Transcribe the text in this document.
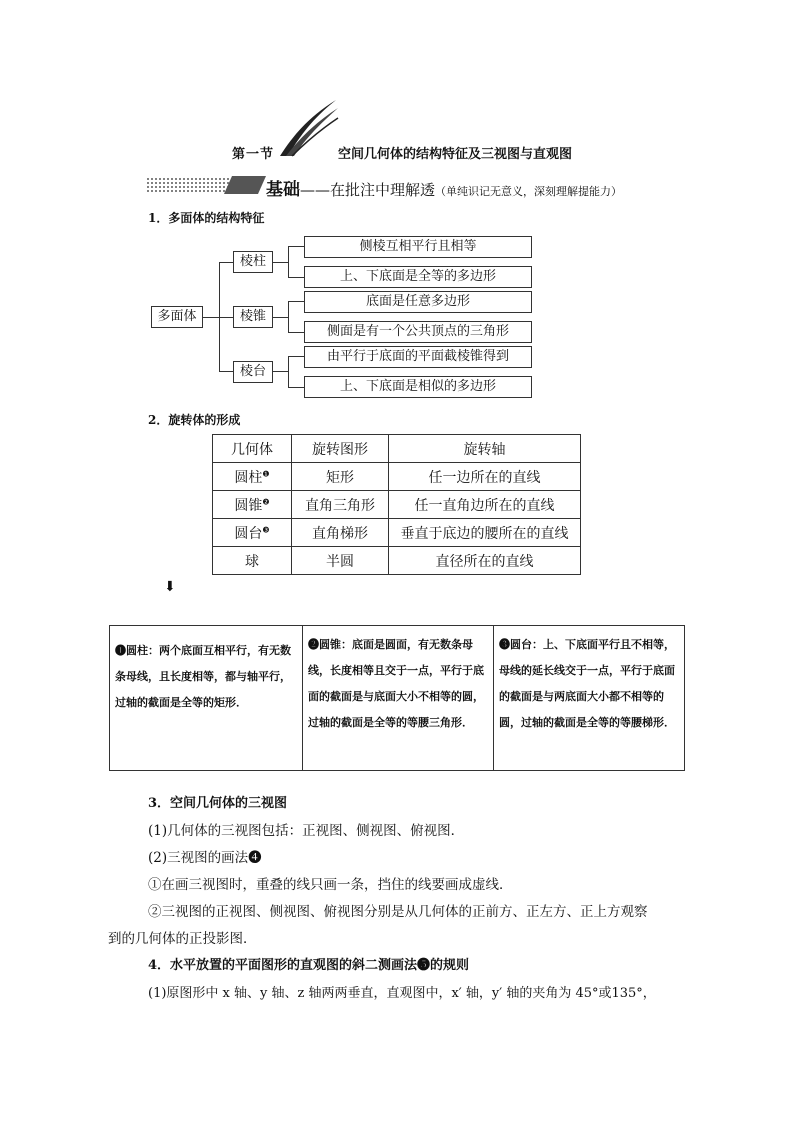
第一节	空间几何体的结构特征及三视图与直观图
基础——在批注中理解透（单纯识记无意义，深刻理解提能力）
1．多面体的结构特征
多面体
棱柱
棱锥
棱台
侧棱互相平行且相等
上、下底面是全等的多边形
底面是任意多边形
侧面是有一个公共顶点的三角形
由平行于底面的平面截棱锥得到
上、下底面是相似的多边形
2．旋转体的形成
几何体	旋转图形	旋转轴
圆柱$^❶$	矩形	任一边所在的直线
圆锥$^❷$	直角三角形	任一直角边所在的直线
圆台$^❸$	直角梯形	垂直于底边的腰所在的直线
球	半圆	直径所在的直线
⬇
❶圆柱：两个底面互相平行，有无数条母线，且长度相等，都与轴平行，过轴的截面是全等的矩形．	❷圆锥：底面是圆面，有无数条母线，长度相等且交于一点，平行于底面的截面是与底面大小不相等的圆，过轴的截面是全等的等腰三角形．	❸圆台：上、下底面平行且不相等，母线的延长线交于一点，平行于底面的截面是与两底面大小都不相等的圆，过轴的截面是全等的等腰梯形．
3．空间几何体的三视图
(1)几何体的三视图包括：正视图、侧视图、俯视图．
(2)三视图的画法❹
①在画三视图时，重叠的线只画一条，挡住的线要画成虚线．
②三视图的正视图、侧视图、俯视图分别是从几何体的正前方、正左方、正上方观察
到的几何体的正投影图．
4．水平放置的平面图形的直观图的斜二测画法❺的规则
(1)原图形中 x 轴、y 轴、z 轴两两垂直，直观图中，x′ 轴，y′ 轴的夹角为 45°或135°，
